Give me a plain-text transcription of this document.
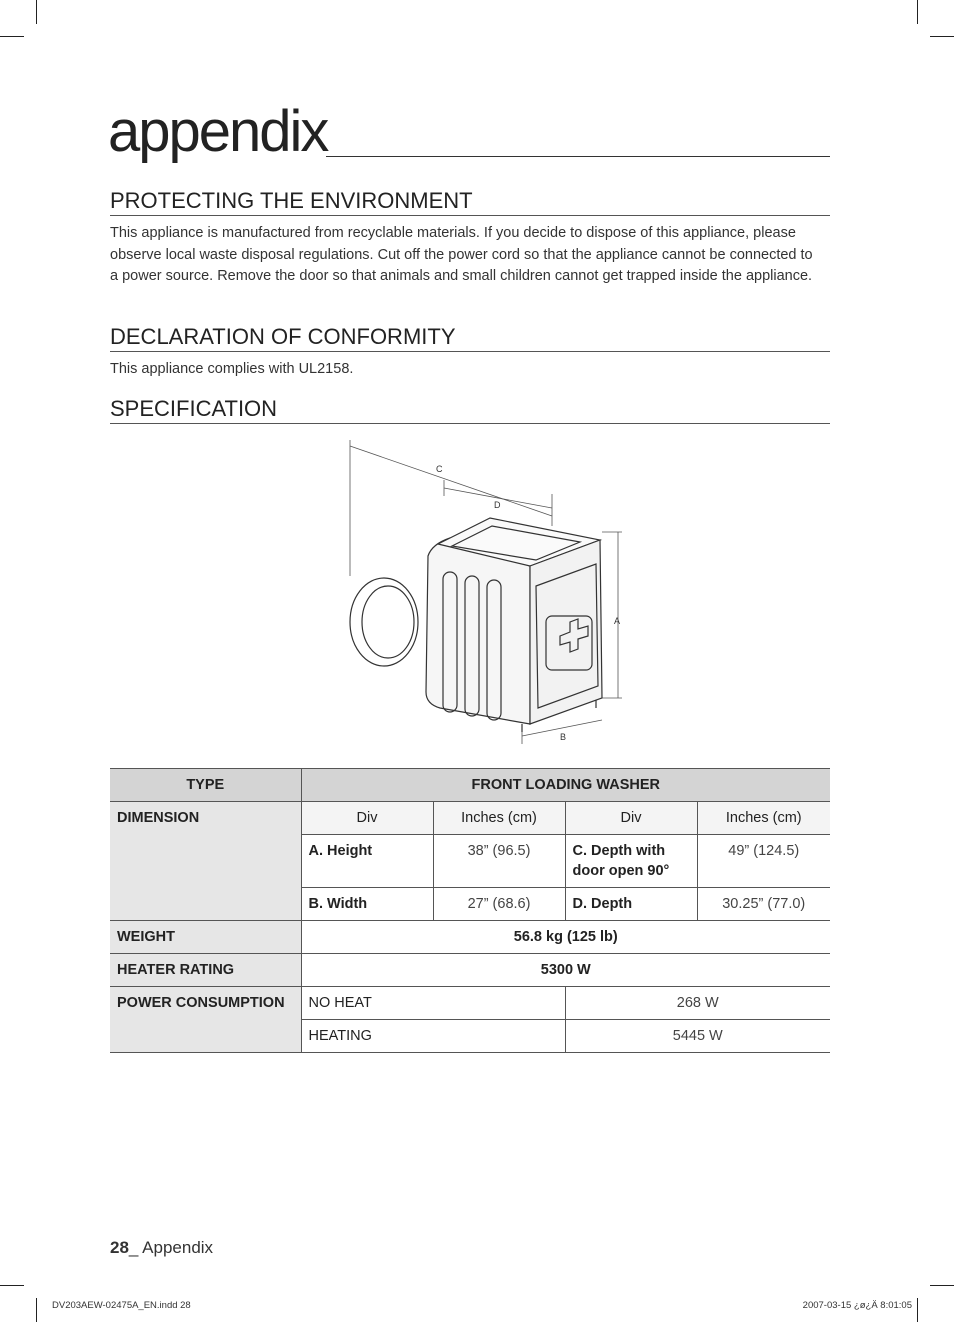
appendix
PROTECTING THE ENVIRONMENT
This appliance is manufactured from recyclable materials. If you decide to dispose of this appliance, please observe local waste disposal regulations. Cut off the power cord so that the appliance cannot be connected to a power source. Remove the door so that animals and small children cannot get trapped inside the appliance.
DECLARATION OF CONFORMITY
This appliance complies with UL2158.
SPECIFICATION
C
D
A
B
TYPE	FRONT LOADING WASHER			
DIMENSION	Div	Inches (cm)	Div	Inches (cm)
	A. Height	38” (96.5)	C. Depth with door open 90°	49” (124.5)
	B. Width	27” (68.6)	D. Depth	30.25” (77.0)
WEIGHT	56.8 kg (125 lb)			
HEATER RATING	5300 W			
POWER CONSUMPTION	NO HEAT		268 W	
	HEATING		5445 W	
28_ Appendix
DV203AEW-02475A_EN.indd 28	2007-03-15 ¿ø¿Ä 8:01:05
